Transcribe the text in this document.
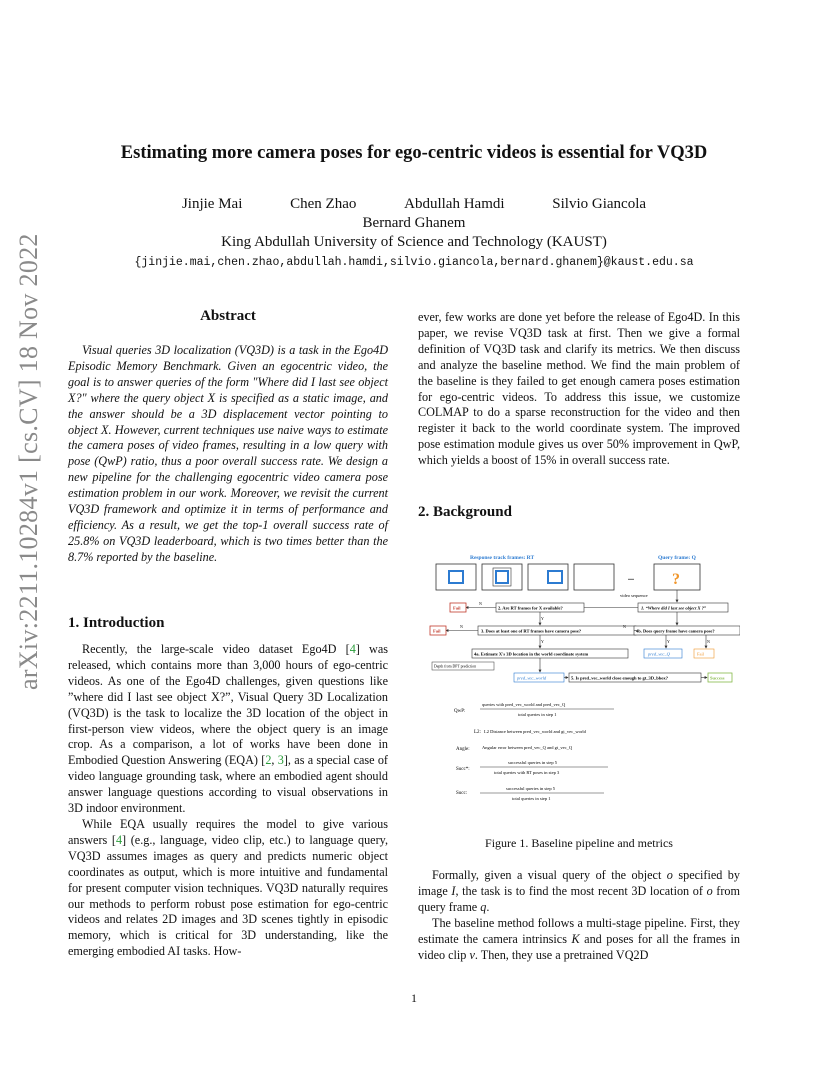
arXiv:2211.10284v1 [cs.CV] 18 Nov 2022
Estimating more camera poses for ego-centric videos is essential for VQ3D
Jinjie Mai	Chen Zhao	Abdullah Hamdi	Silvio Giancola
Bernard Ghanem
King Abdullah University of Science and Technology (KAUST)
{jinjie.mai,chen.zhao,abdullah.hamdi,silvio.giancola,bernard.ghanem}@kaust.edu.sa
Abstract

Visual queries 3D localization (VQ3D) is a task in the Ego4D Episodic Memory Benchmark. Given an egocentric video, the goal is to answer queries of the form "Where did I last see object X?" where the query object X is specified as a static image, and the answer should be a 3D displacement vector pointing to object X. However, current techniques use naive ways to estimate the camera poses of video frames, resulting in a low query with pose (QwP) ratio, thus a poor overall success rate. We design a new pipeline for the challenging egocentric video camera pose estimation problem in our work. Moreover, we revisit the current VQ3D framework and optimize it in terms of performance and efficiency. As a result, we get the top-1 overall success rate of 25.8% on VQ3D leaderboard, which is two times better than the 8.7% reported by the baseline.

1. Introduction

Recently, the large-scale video dataset Ego4D [4] was released, which contains more than 3,000 hours of ego-centric videos. As one of the Ego4D challenges, given questions like ”where did I last see object X?”, Visual Query 3D Localization (VQ3D) is the task to localize the 3D location of the object in first-person view videos, where the object query is an image crop. As a comparison, a lot of works have been done in Embodied Question Answering (EQA) [2, 3], as a special case of video language grounding task, where an embodied agent should answer language questions according to visual observations in 3D indoor environment.

While EQA usually requires the model to give various answers [4] (e.g., language, video clip, etc.) to language query, VQ3D assumes images as query and predicts numeric object coordinates as output, which is more intuitive and fundamental for present computer vision techniques. VQ3D naturally requires our methods to perform robust pose estimation for ego-centric videos and relates 2D images and 3D scenes tightly in episodic memory, which is critical for 3D understanding, like the emerging embodied AI tasks. How-

ever, few works are done yet before the release of Ego4D. In this paper, we revise VQ3D task at first. Then we give a formal definition of VQ3D task and clarify its metrics. We then discuss and analyze the baseline method. We find the main problem of the baseline is they failed to get enough camera poses estimation for ego-centric videos. To address this issue, we customize COLMAP to do a sparse reconstruction for the video and then register it back to the world coordinate system. The improved pose estimation module gives us over 50% improvement in QwP, which yields a boost of 15% in overall success rate.

2. Background
Response track frames: RT	Query frame: Q
... ?
video sequence
1. “Where did I last see object X ?”
2. Are RT frames for X available?
N
Fail
Y
3. Does at least one of RT frames have camera pose?
N
Fail	4b. Does query frame have camera pose?
N
Y
4a. Estimate X's 3D location in the world coordinate system
Y
pred_vec_Q
N
Fail
Depth from DPT prediction
pred_vec_world	5. Is pred_vec_world close enough to gt_3D_bbox?	Success
QwP:
queries with pred_vec_world and pred_vec_Q
total queries in step 1
L2: L2 Distance between pred_vec_world and gt_vec_world
Angle:	Angular error between pred_vec_Q and gt_vec_Q
Succ*:
successful queries in step 5
total queries with RT poses in step 3
Succ:
successful queries in step 5
total queries in step 1
Figure 1. Baseline pipeline and metrics

Formally, given a visual query of the object o specified by image I, the task is to find the most recent 3D location of o from query frame q.

The baseline method follows a multi-stage pipeline. First, they estimate the camera intrinsics K and poses for all the frames in video clip v. Then, they use a pretrained VQ2D

1
